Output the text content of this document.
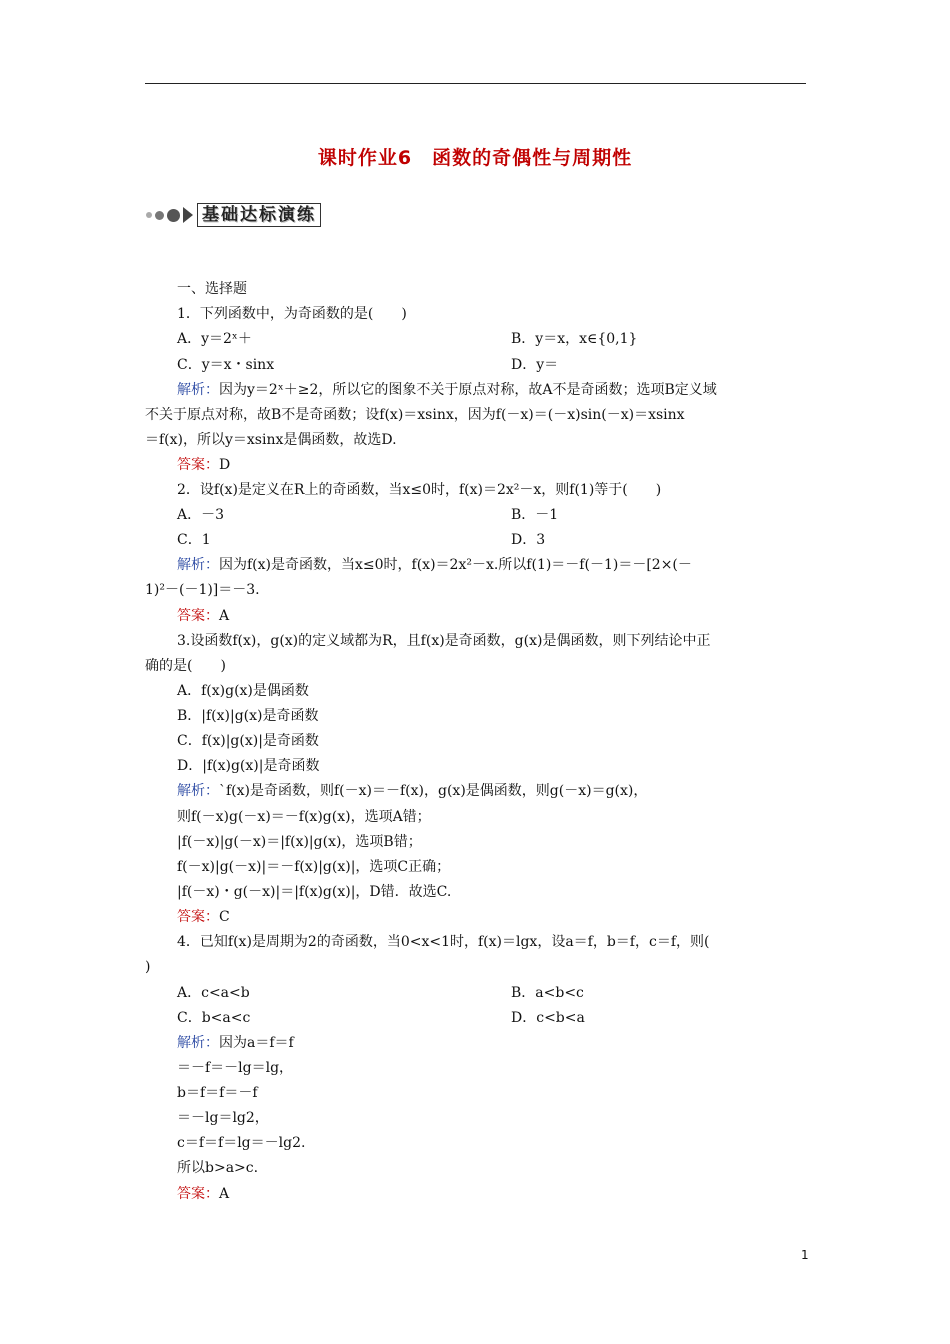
课时作业6　函数的奇偶性与周期性
基础达标演练
一、选择题
1．下列函数中，为奇函数的是(　　)
A．y＝2ˣ＋	B．y＝x，x∈{0,1}
C．y＝x・sinx	D．y＝
解析：因为y＝2ˣ＋≥2，所以它的图象不关于原点对称，故A不是奇函数；选项B定义域
不关于原点对称，故B不是奇函数；设f(x)＝xsinx，因为f(－x)＝(－x)sin(－x)＝xsinx
＝f(x)，所以y＝xsinx是偶函数，故选D.
答案：D
2．设f(x)是定义在R上的奇函数，当x≤0时，f(x)＝2x²－x，则f(1)等于(　　)
A．－3	B．－1
C．1	D．3
解析：因为f(x)是奇函数，当x≤0时，f(x)＝2x²－x.所以f(1)＝－f(－1)＝－[2×(－
1)²－(－1)]＝－3.
答案：A
3.设函数f(x)，g(x)的定义域都为R，且f(x)是奇函数，g(x)是偶函数，则下列结论中正
确的是(　　)
A．f(x)g(x)是偶函数
B．|f(x)|g(x)是奇函数
C．f(x)|g(x)|是奇函数
D．|f(x)g(x)|是奇函数
解析：`f(x)是奇函数，则f(－x)＝－f(x)，g(x)是偶函数，则g(－x)＝g(x)，
则f(－x)g(－x)＝－f(x)g(x)，选项A错；
|f(－x)|g(－x)＝|f(x)|g(x)，选项B错；
f(－x)|g(－x)|＝－f(x)|g(x)|，选项C正确；
|f(－x)・g(－x)|＝|f(x)g(x)|，D错．故选C.
答案：C
4．已知f(x)是周期为2的奇函数，当0<x<1时，f(x)＝lgx，设a＝f，b＝f，c＝f，则(
)
A．c<a<b	B．a<b<c
C．b<a<c	D．c<b<a
解析：因为a＝f＝f
＝－f＝－lg＝lg，
b＝f＝f＝－f
＝－lg＝lg2，
c＝f＝f＝lg＝－lg2.
所以b>a>c.
答案：A
1
